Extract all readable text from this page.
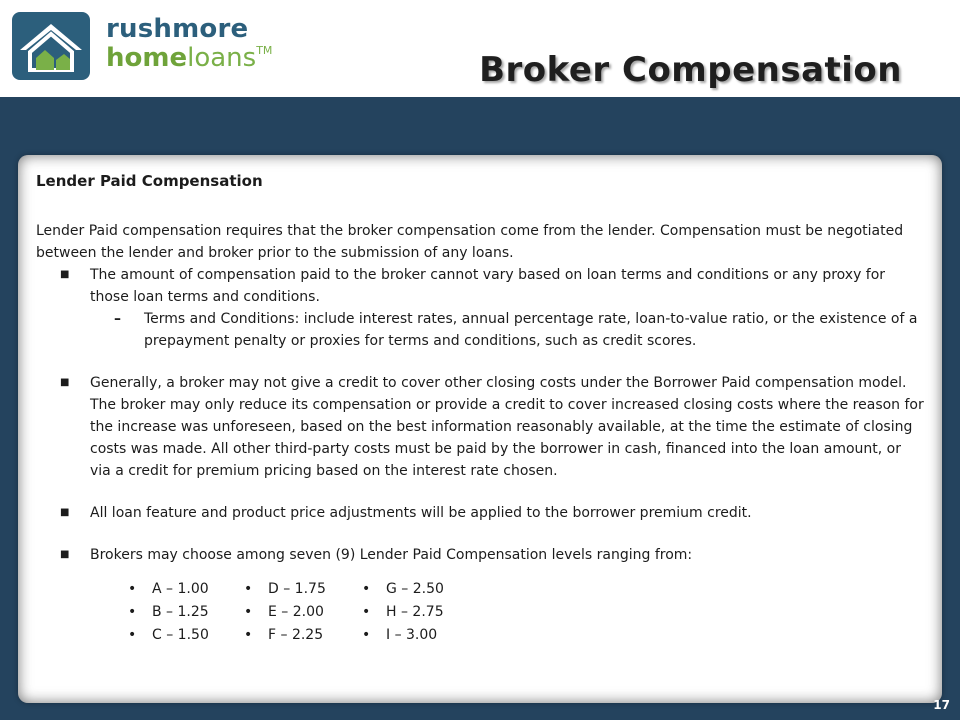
rushmore
homeloans™	Broker Compensation
Lender Paid Compensation

Lender Paid compensation requires that the broker compensation come from the lender. Compensation must be negotiated between the lender and broker prior to the submission of any loans.

■ The amount of compensation paid to the broker cannot vary based on loan terms and conditions or any proxy for those loan terms and conditions.
– Terms and Conditions: include interest rates, annual percentage rate, loan-to-value ratio, or the existence of a prepayment penalty or proxies for terms and conditions, such as credit scores.
■ Generally, a broker may not give a credit to cover other closing costs under the Borrower Paid compensation model. The broker may only reduce its compensation or provide a credit to cover increased closing costs where the reason for the increase was unforeseen, based on the best information reasonably available, at the time the estimate of closing costs was made. All other third-party costs must be paid by the borrower in cash, financed into the loan amount, or via a credit for premium pricing based on the interest rate chosen.
■ All loan feature and product price adjustments will be applied to the borrower premium credit.
■ Brokers may choose among seven (9) Lender Paid Compensation levels ranging from:
• A – 1.00
• B – 1.25
• C – 1.50
• D – 1.75
• E – 2.00
• F – 2.25
• G – 2.50
• H – 2.75
• I – 3.00
17
